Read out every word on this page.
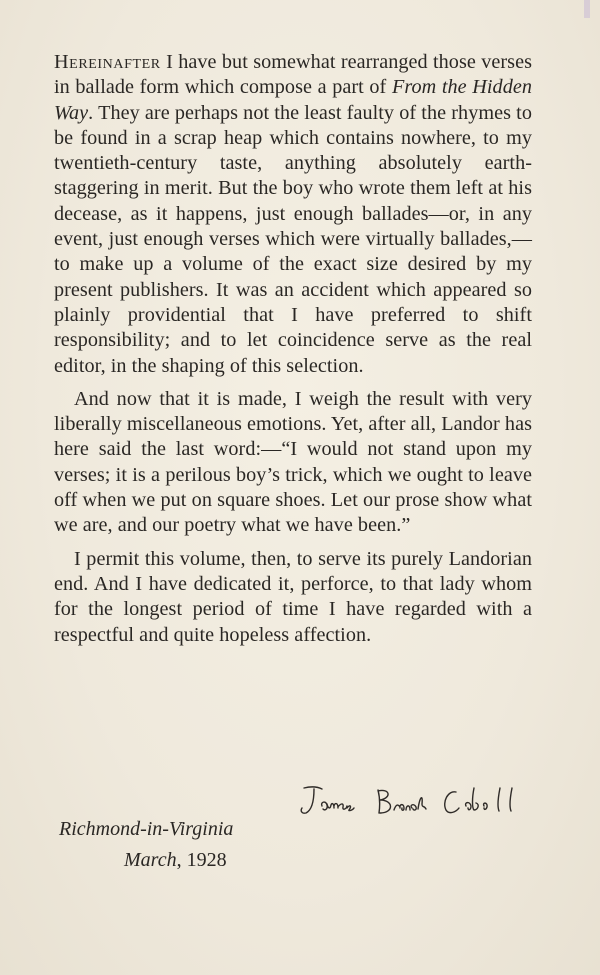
Hereinafter I have but somewhat rearranged those verses in ballade form which compose a part of From the Hidden Way. They are perhaps not the least faulty of the rhymes to be found in a scrap heap which contains nowhere, to my twentieth-century taste, anything absolutely earth-staggering in merit. But the boy who wrote them left at his decease, as it happens, just enough ballades—or, in any event, just enough verses which were virtually ballades,—to make up a volume of the exact size desired by my present publishers. It was an accident which appeared so plainly providential that I have preferred to shift responsibility; and to let coincidence serve as the real editor, in the shaping of this selection.

And now that it is made, I weigh the result with very liberally miscellaneous emotions. Yet, after all, Landor has here said the last word:—“I would not stand upon my verses; it is a perilous boy’s trick, which we ought to leave off when we put on square shoes. Let our prose show what we are, and our poetry what we have been.”

I permit this volume, then, to serve its purely Landorian end. And I have dedicated it, perforce, to that lady whom for the longest period of time I have regarded with a respectful and quite hopeless affection.

Richmond-in-Virginia
March, 1928
